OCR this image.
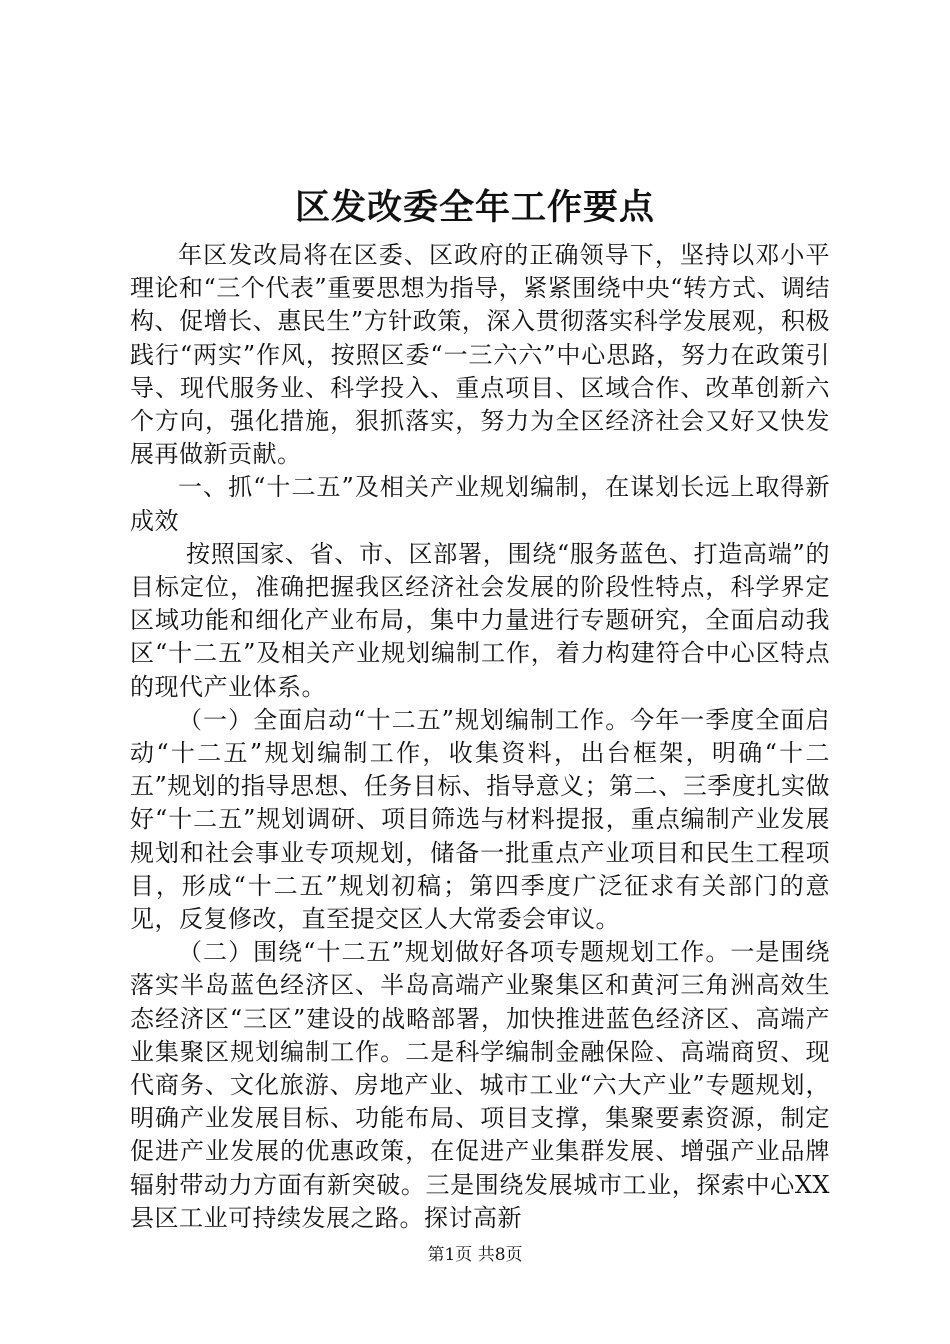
区发改委全年工作要点

年区发改局将在区委、区政府的正确领导下，坚持以邓小平理论和“三个代表”重要思想为指导，紧紧围绕中央“转方式、调结构、促增长、惠民生”方针政策，深入贯彻落实科学发展观，积极践行“两实”作风，按照区委“一三六六”中心思路，努力在政策引导、现代服务业、科学投入、重点项目、区域合作、改革创新六个方向，强化措施，狠抓落实，努力为全区经济社会又好又快发展再做新贡献。

一、抓“十二五”及相关产业规划编制，在谋划长远上取得新成效

按照国家、省、市、区部署，围绕“服务蓝色、打造高端”的目标定位，准确把握我区经济社会发展的阶段性特点，科学界定区域功能和细化产业布局，集中力量进行专题研究，全面启动我区“十二五”及相关产业规划编制工作，着力构建符合中心区特点的现代产业体系。

（一）全面启动“十二五”规划编制工作。今年一季度全面启动“十二五”规划编制工作，收集资料，出台框架，明确“十二五”规划的指导思想、任务目标、指导意义；第二、三季度扎实做好“十二五”规划调研、项目筛选与材料提报，重点编制产业发展规划和社会事业专项规划，储备一批重点产业项目和民生工程项目，形成“十二五”规划初稿；第四季度广泛征求有关部门的意见，反复修改，直至提交区人大常委会审议。

（二）围绕“十二五”规划做好各项专题规划工作。一是围绕落实半岛蓝色经济区、半岛高端产业聚集区和黄河三角洲高效生态经济区“三区”建设的战略部署，加快推进蓝色经济区、高端产业集聚区规划编制工作。二是科学编制金融保险、高端商贸、现代商务、文化旅游、房地产业、城市工业“六大产业”专题规划，明确产业发展目标、功能布局、项目支撑，集聚要素资源，制定促进产业发展的优惠政策，在促进产业集群发展、增强产业品牌辐射带动力方面有新突破。三是围绕发展城市工业，探索中心XX县区工业可持续发展之路。探讨高新

第1页 共8页
